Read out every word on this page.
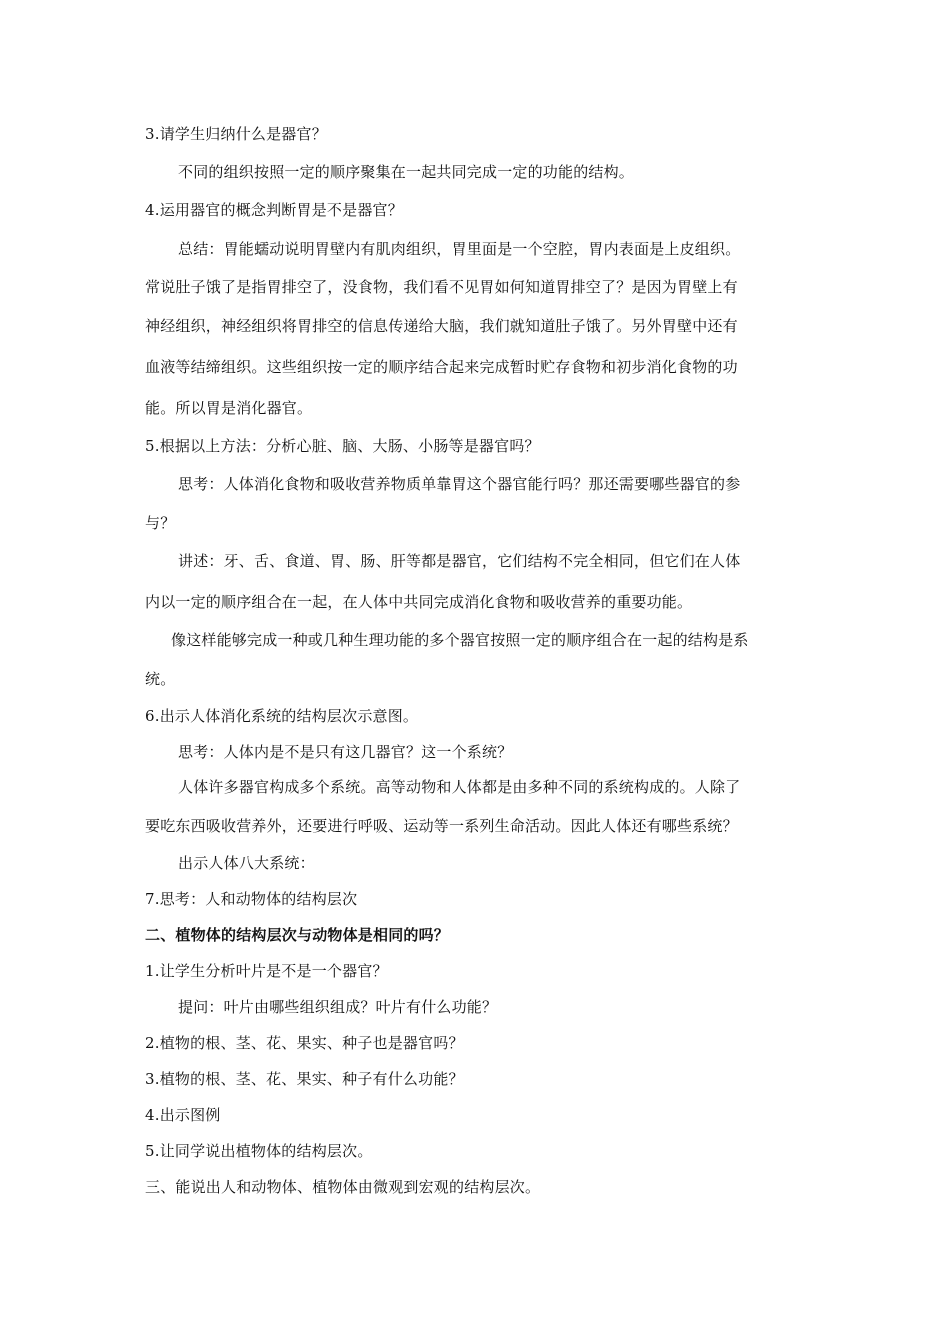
3.请学生归纳什么是器官？
不同的组织按照一定的顺序聚集在一起共同完成一定的功能的结构。
4.运用器官的概念判断胃是不是器官？
总结：胃能蠕动说明胃壁内有肌肉组织，胃里面是一个空腔，胃内表面是上皮组织。
常说肚子饿了是指胃排空了，没食物，我们看不见胃如何知道胃排空了？是因为胃壁上有
神经组织，神经组织将胃排空的信息传递给大脑，我们就知道肚子饿了。另外胃壁中还有
血液等结缔组织。这些组织按一定的顺序结合起来完成暂时贮存食物和初步消化食物的功
能。所以胃是消化器官。
5.根据以上方法：分析心脏、脑、大肠、小肠等是器官吗？
思考：人体消化食物和吸收营养物质单靠胃这个器官能行吗？那还需要哪些器官的参
与？
讲述：牙、舌、食道、胃、肠、肝等都是器官，它们结构不完全相同，但它们在人体
内以一定的顺序组合在一起，在人体中共同完成消化食物和吸收营养的重要功能。
像这样能够完成一种或几种生理功能的多个器官按照一定的顺序组合在一起的结构是系
统。
6.出示人体消化系统的结构层次示意图。
思考：人体内是不是只有这几器官？这一个系统？
人体许多器官构成多个系统。高等动物和人体都是由多种不同的系统构成的。人除了
要吃东西吸收营养外，还要进行呼吸、运动等一系列生命活动。因此人体还有哪些系统？
出示人体八大系统：
7.思考：人和动物体的结构层次
二、植物体的结构层次与动物体是相同的吗？
1.让学生分析叶片是不是一个器官？
提问：叶片由哪些组织组成？叶片有什么功能？
2.植物的根、茎、花、果实、种子也是器官吗？
3.植物的根、茎、花、果实、种子有什么功能？
4.出示图例
5.让同学说出植物体的结构层次。
三、能说出人和动物体、植物体由微观到宏观的结构层次。
